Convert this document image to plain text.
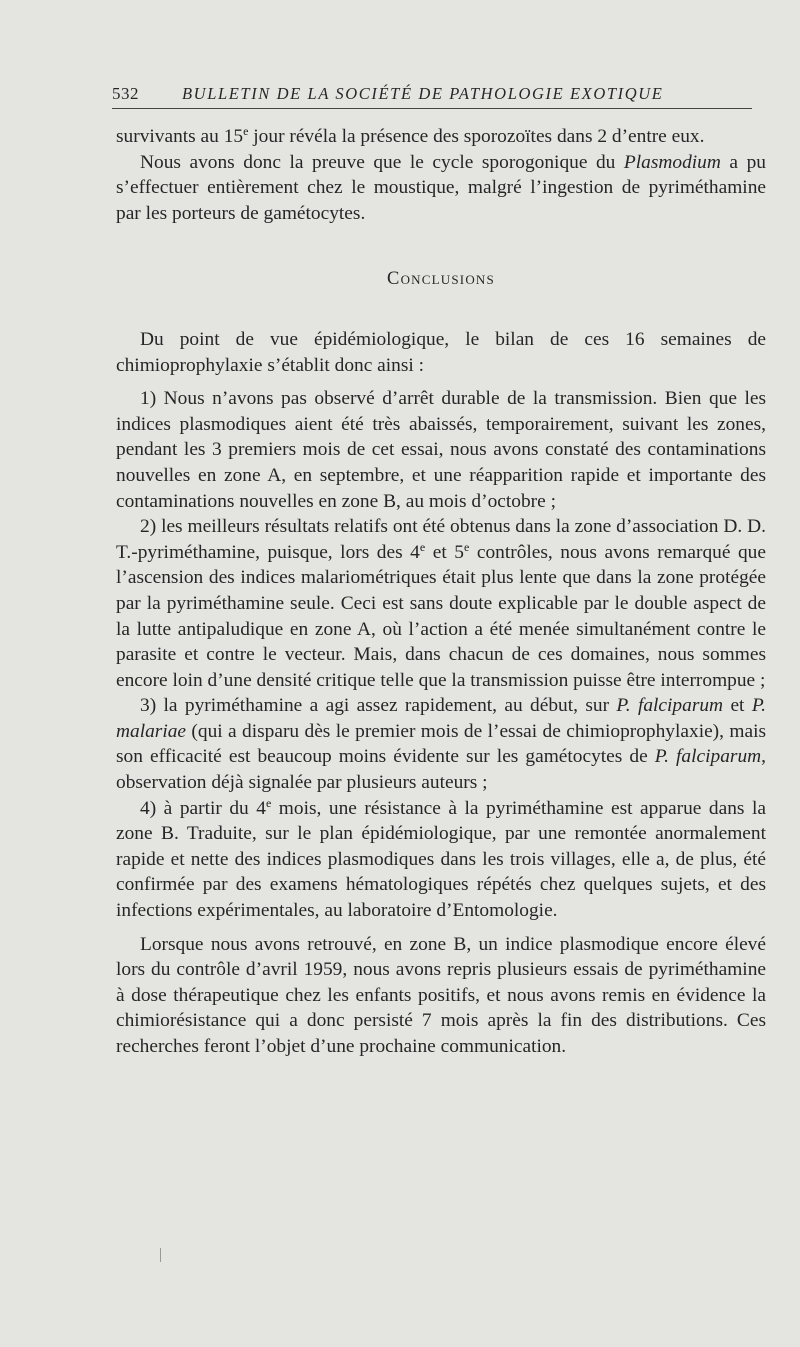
532	BULLETIN DE LA SOCIÉTÉ DE PATHOLOGIE EXOTIQUE

survivants au 15e jour révéla la présence des sporozoïtes dans 2 d’entre eux.

Nous avons donc la preuve que le cycle sporogonique du Plasmodium a pu s’effectuer entièrement chez le moustique, malgré l’ingestion de pyriméthamine par les porteurs de gamétocytes.

Conclusions

Du point de vue épidémiologique, le bilan de ces 16 semaines de chimioprophylaxie s’établit donc ainsi :

1) Nous n’avons pas observé d’arrêt durable de la transmission. Bien que les indices plasmodiques aient été très abaissés, temporairement, suivant les zones, pendant les 3 premiers mois de cet essai, nous avons constaté des contaminations nouvelles en zone A, en septembre, et une réapparition rapide et importante des contaminations nouvelles en zone B, au mois d’octobre ;

2) les meilleurs résultats relatifs ont été obtenus dans la zone d’association D. D. T.-pyriméthamine, puisque, lors des 4e et 5e contrôles, nous avons remarqué que l’ascension des indices malariométriques était plus lente que dans la zone protégée par la pyriméthamine seule. Ceci est sans doute explicable par le double aspect de la lutte antipaludique en zone A, où l’action a été menée simultanément contre le parasite et contre le vecteur. Mais, dans chacun de ces domaines, nous sommes encore loin d’une densité critique telle que la transmission puisse être interrompue ;

3) la pyriméthamine a agi assez rapidement, au début, sur P. falciparum et P. malariae (qui a disparu dès le premier mois de l’essai de chimioprophylaxie), mais son efficacité est beaucoup moins évidente sur les gamétocytes de P. falciparum, observation déjà signalée par plusieurs auteurs ;

4) à partir du 4e mois, une résistance à la pyriméthamine est apparue dans la zone B. Traduite, sur le plan épidémiologique, par une remontée anormalement rapide et nette des indices plasmodiques dans les trois villages, elle a, de plus, été confirmée par des examens hématologiques répétés chez quelques sujets, et des infections expérimentales, au laboratoire d’Entomologie.

Lorsque nous avons retrouvé, en zone B, un indice plasmodique encore élevé lors du contrôle d’avril 1959, nous avons repris plusieurs essais de pyriméthamine à dose thérapeutique chez les enfants positifs, et nous avons remis en évidence la chimiorésistance qui a donc persisté 7 mois après la fin des distributions. Ces recherches feront l’objet d’une prochaine communication.
